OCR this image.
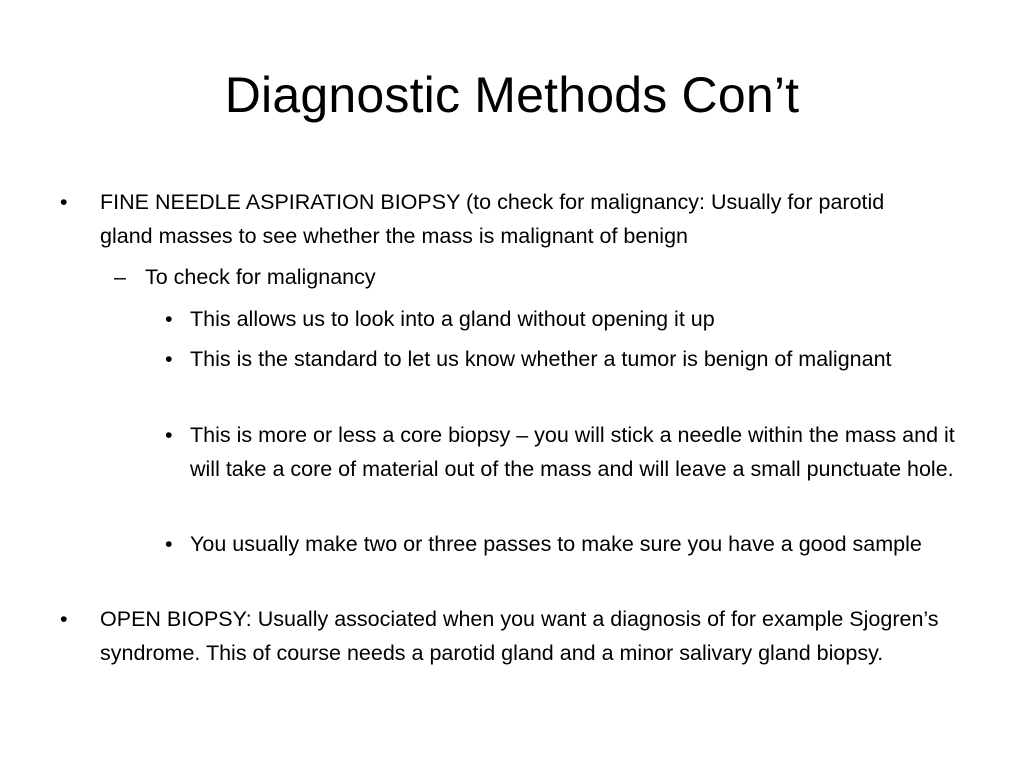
Diagnostic Methods Con’t
• FINE NEEDLE ASPIRATION BIOPSY (to check for malignancy: Usually for parotid gland masses to see whether the mass is malignant of benign
– To check for malignancy
• This allows us to look into a gland without opening it up
• This is the standard to let us know whether a tumor is benign of malignant
• This is more or less a core biopsy – you will stick a needle within the mass and it will take a core of material out of the mass and will leave a small punctuate hole.
• You usually make two or three passes to make sure you have a good sample
• OPEN BIOPSY: Usually associated when you want a diagnosis of for example Sjogren’s syndrome. This of course needs a parotid gland and a minor salivary gland biopsy.
